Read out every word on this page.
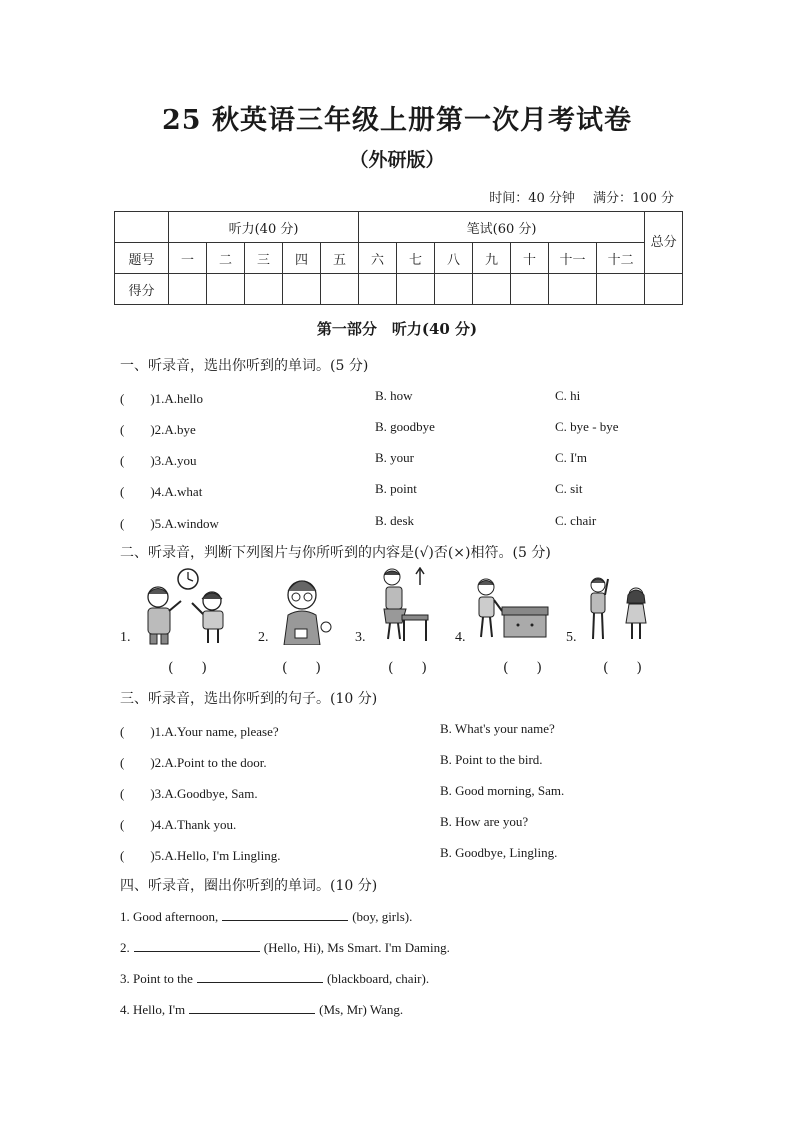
25 秋英语三年级上册第一次月考试卷
（外研版）
时间：40 分钟 满分：100 分
	听力(40 分)					笔试(60 分)							总分
题号	一	二	三	四	五	六	七	八	九	十	十一	十二	
得分													
第一部分　听力(40 分)
一、听录音，选出你听到的单词。(5 分)
(　　)1.A.hello	B. how	C. hi
(　　)2.A.bye	B. goodbye	C. bye - bye
(　　)3.A.you	B. your	C. I'm
(　　)4.A.what	B. point	C. sit
(　　)5.A.window	B. desk	C. chair
二、听录音，判断下列图片与你所听到的内容是(√)否(×)相符。(5 分)
1.	2.	3.	4.	5.
(　　)	(　　)	(　　)	(　　)	(　　)
三、听录音，选出你听到的句子。(10 分)
(　　)1.A.Your name, please?	B. What's your name?
(　　)2.A.Point to the door.	B. Point to the bird.
(　　)3.A.Goodbye, Sam.	B. Good morning, Sam.
(　　)4.A.Thank you.	B. How are you?
(　　)5.A.Hello, I'm Lingling.	B. Goodbye, Lingling.
四、听录音，圈出你听到的单词。(10 分)
1. Good afternoon,	(boy, girls).
2.	(Hello, Hi), Ms Smart. I'm Daming.
3. Point to the	(blackboard, chair).
4. Hello, I'm	(Ms, Mr) Wang.
